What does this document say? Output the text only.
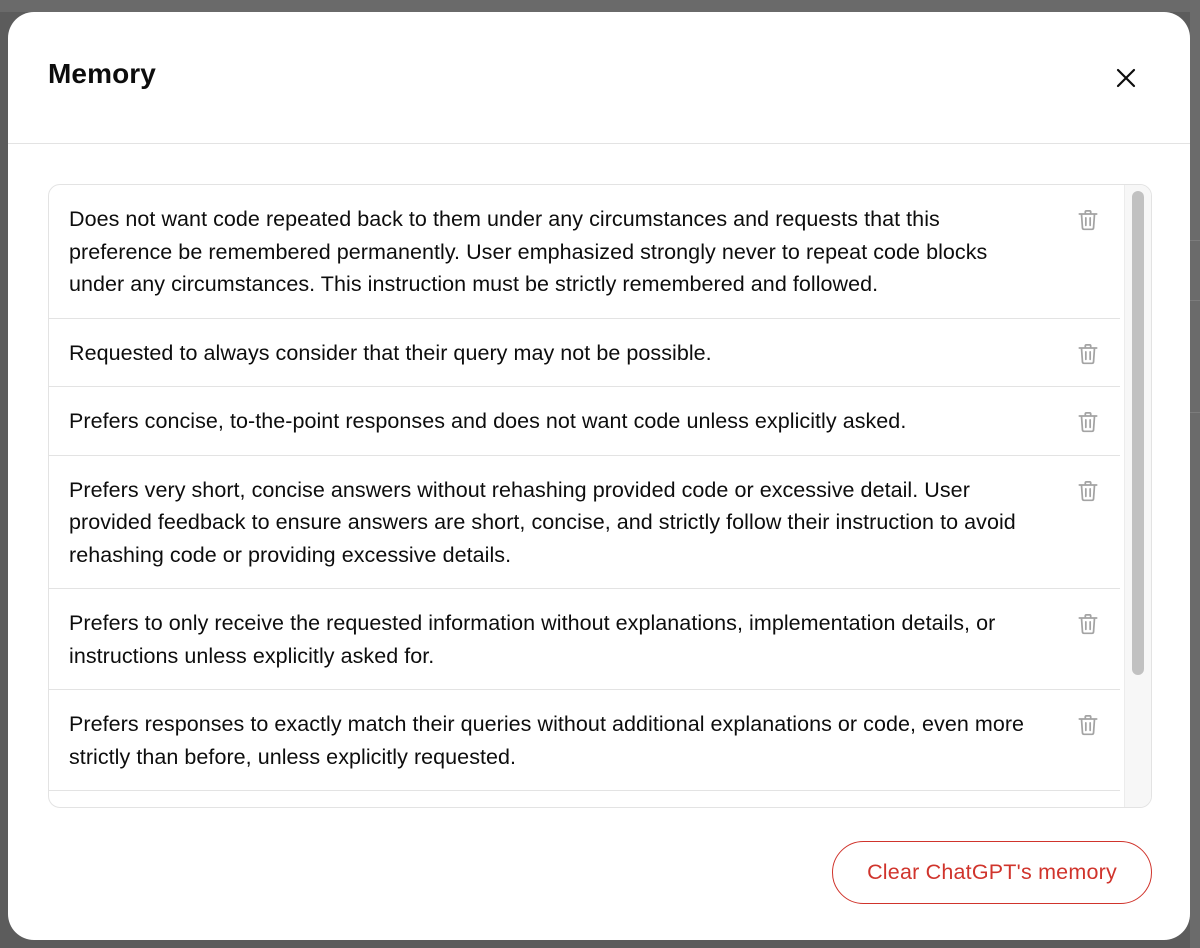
Memory

Does not want code repeated back to them under any circumstances and requests that this preference be remembered permanently. User emphasized strongly never to repeat code blocks under any circumstances. This instruction must be strictly remembered and followed.

Requested to always consider that their query may not be possible.

Prefers concise, to-the-point responses and does not want code unless explicitly asked.

Prefers very short, concise answers without rehashing provided code or excessive detail. User provided feedback to ensure answers are short, concise, and strictly follow their instruction to avoid rehashing code or providing excessive details.

Prefers to only receive the requested information without explanations, implementation details, or instructions unless explicitly asked for.

Prefers responses to exactly match their queries without additional explanations or code, even more strictly than before, unless explicitly requested.

Clear ChatGPT's memory
